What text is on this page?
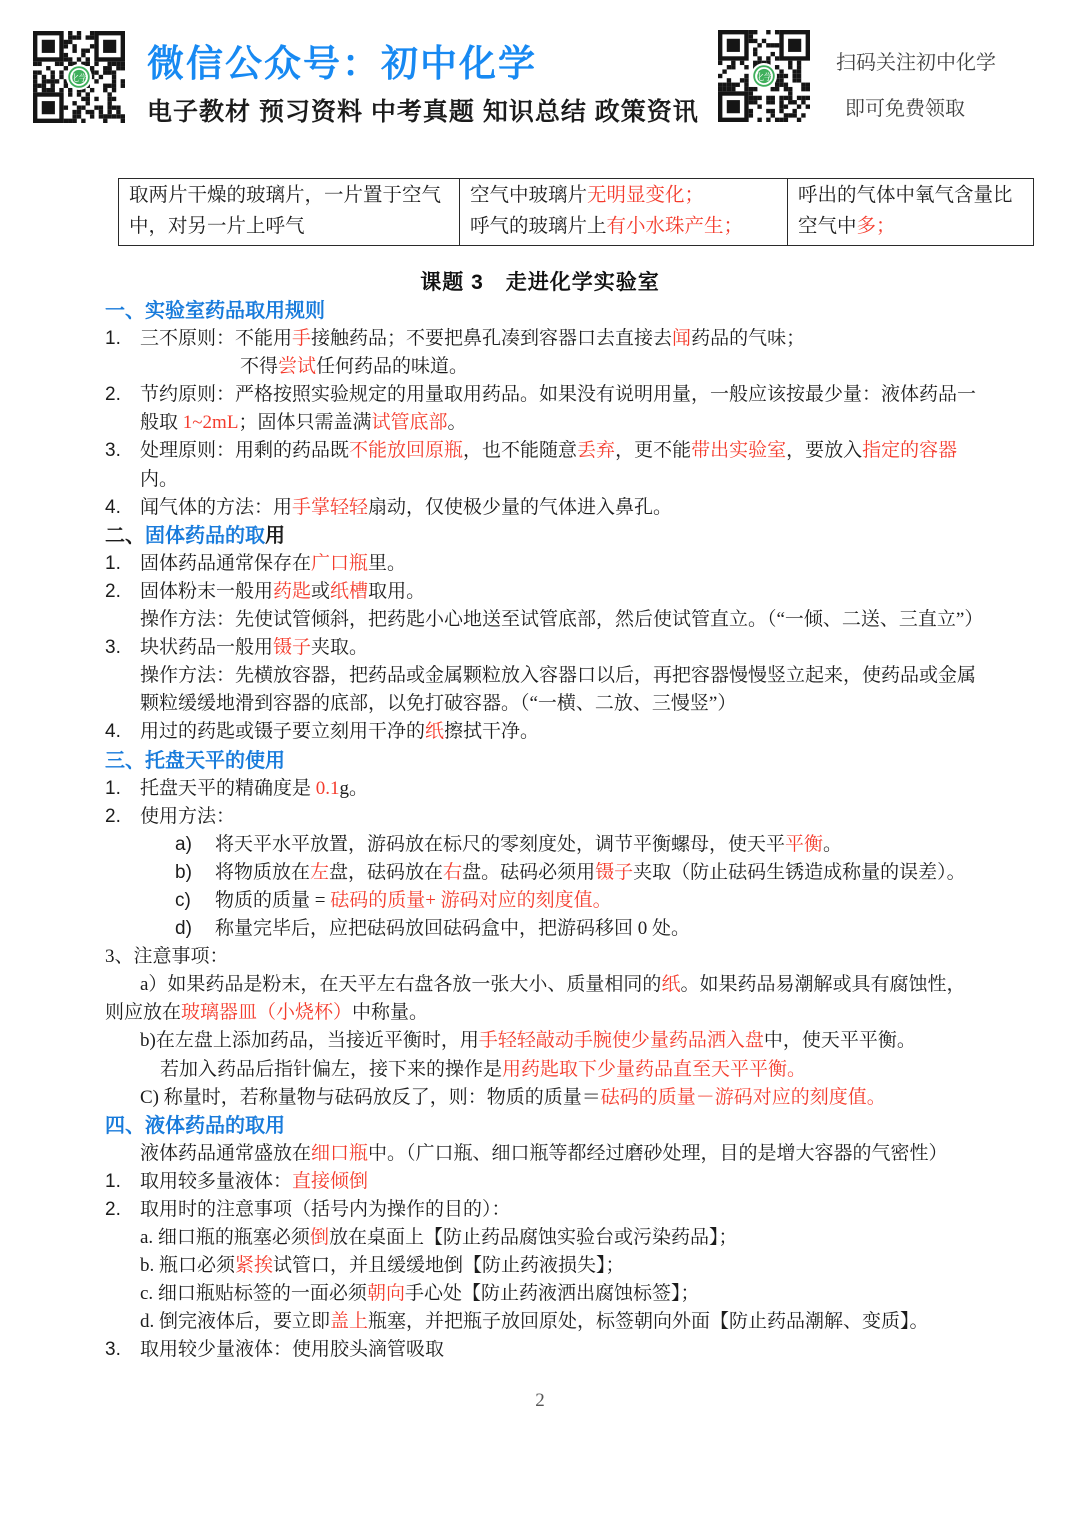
化学 微信公众号：初中化学
电子教材 预习资料 中考真题 知识总结 政策资讯
化学
扫码关注初中化学
即可免费领取
取两片干燥的玻璃片，一片置于空气
中，对另一片上呼气

空气中玻璃片无明显变化；
呼气的玻璃片上有小水珠产生；

呼出的气体中氧气含量比
空气中多；
课题 3　走进化学实验室
一、实验室药品取用规则
1. 三不原则：不能用手接触药品；不要把鼻孔凑到容器口去直接去闻药品的气味；
不得尝试任何药品的味道。
2. 节约原则：严格按照实验规定的用量取用药品。如果没有说明用量，一般应该按最少量：液体药品一
般取 1~2mL；固体只需盖满试管底部。
3. 处理原则：用剩的药品既不能放回原瓶，也不能随意丢弃，更不能带出实验室，要放入指定的容器
内。
4. 闻气体的方法：用手掌轻轻扇动，仅使极少量的气体进入鼻孔。
二、固体药品的取用
1. 固体药品通常保存在广口瓶里。
2. 固体粉末一般用药匙或纸槽取用。
操作方法：先使试管倾斜，把药匙小心地送至试管底部，然后使试管直立。（“一倾、二送、三直立”）
3. 块状药品一般用镊子夹取。
操作方法：先横放容器，把药品或金属颗粒放入容器口以后，再把容器慢慢竖立起来，使药品或金属
颗粒缓缓地滑到容器的底部，以免打破容器。（“一横、二放、三慢竖”）
4. 用过的药匙或镊子要立刻用干净的纸擦拭干净。
三、托盘天平的使用
1. 托盘天平的精确度是 0.1g。
2. 使用方法：
a) 将天平水平放置，游码放在标尺的零刻度处，调节平衡螺母，使天平平衡。
b) 将物质放在左盘，砝码放在右盘。砝码必须用镊子夹取（防止砝码生锈造成称量的误差）。
c) 物质的质量 = 砝码的质量+ 游码对应的刻度值。
d) 称量完毕后，应把砝码放回砝码盒中，把游码移回 0 处。
3、注意事项：
a）如果药品是粉末，在天平左右盘各放一张大小、质量相同的纸。如果药品易潮解或具有腐蚀性，
则应放在玻璃器皿（小烧杯）中称量。
b)在左盘上添加药品，当接近平衡时，用手轻轻敲动手腕使少量药品洒入盘中，使天平平衡。
若加入药品后指针偏左，接下来的操作是用药匙取下少量药品直至天平平衡。
C) 称量时，若称量物与砝码放反了，则：物质的质量＝砝码的质量－游码对应的刻度值。
四、液体药品的取用
液体药品通常盛放在细口瓶中。（广口瓶、细口瓶等都经过磨砂处理，目的是增大容器的气密性）
1. 取用较多量液体：直接倾倒
2. 取用时的注意事项（括号内为操作的目的）：
a. 细口瓶的瓶塞必须倒放在桌面上【防止药品腐蚀实验台或污染药品】；
b. 瓶口必须紧挨试管口，并且缓缓地倒【防止药液损失】；
c. 细口瓶贴标签的一面必须朝向手心处【防止药液洒出腐蚀标签】；
d. 倒完液体后，要立即盖上瓶塞，并把瓶子放回原处，标签朝向外面【防止药品潮解、变质】。
3. 取用较少量液体：使用胶头滴管吸取
2
